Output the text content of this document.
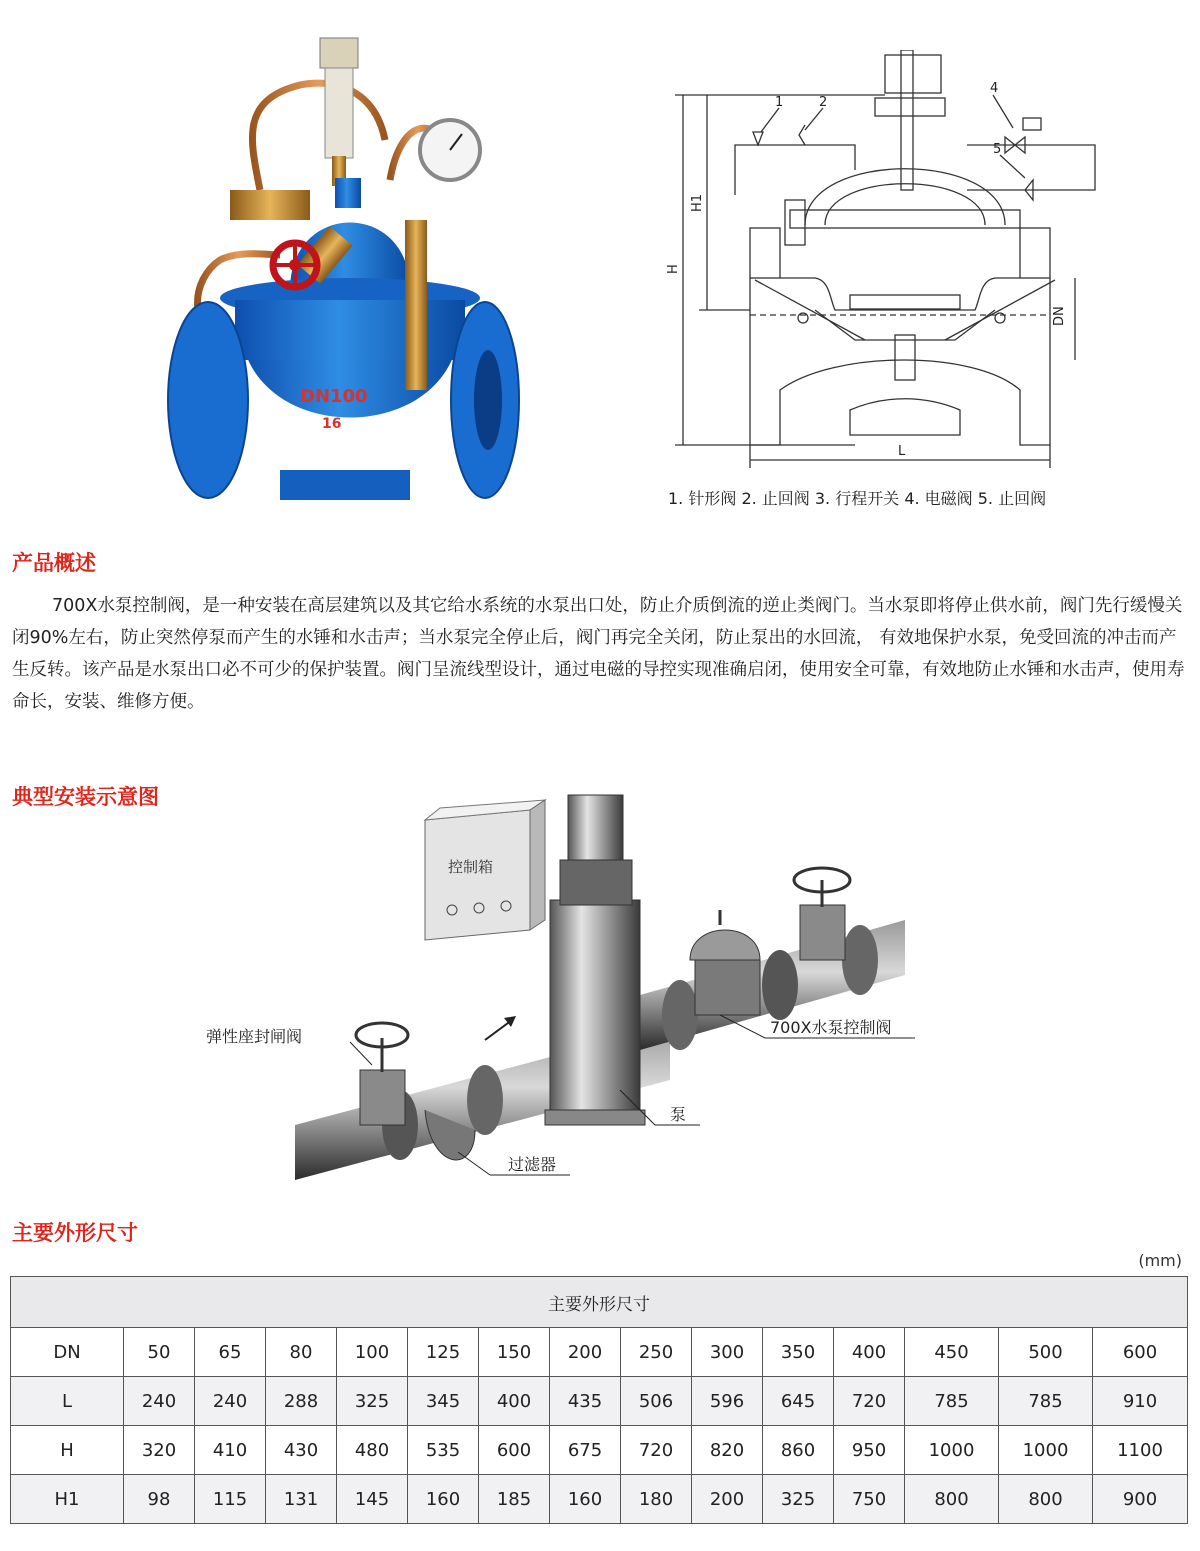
DN100
16
1	2
4
5
H
H1
DN
L
1. 针形阀 2. 止回阀 3. 行程开关 4. 电磁阀 5. 止回阀
产品概述

700X水泵控制阀，是一种安装在高层建筑以及其它给水系统的水泵出口处，防止介质倒流的逆止类阀门。当水泵即将停止供水前，阀门先行缓慢关闭90%左右，防止突然停泵而产生的水锤和水击声；当水泵完全停止后，阀门再完全关闭，防止泵出的水回流， 有效地保护水泵，免受回流的冲击而产生反转。该产品是水泵出口必不可少的保护装置。阀门呈流线型设计，通过电磁的导控实现准确启闭，使用安全可靠，有效地防止水锤和水击声，使用寿命长，安装、维修方便。

典型安装示意图
控制箱
弹性座封闸阀	700X水泵控制阀
泵
过滤器
主要外形尺寸
(mm)
主要外形尺寸														
DN	50	65	80	100	125	150	200	250	300	350	400	450	500	600
L	240	240	288	325	345	400	435	506	596	645	720	785	785	910
H	320	410	430	480	535	600	675	720	820	860	950	1000	1000	1100
H1	98	115	131	145	160	185	160	180	200	325	750	800	800	900
